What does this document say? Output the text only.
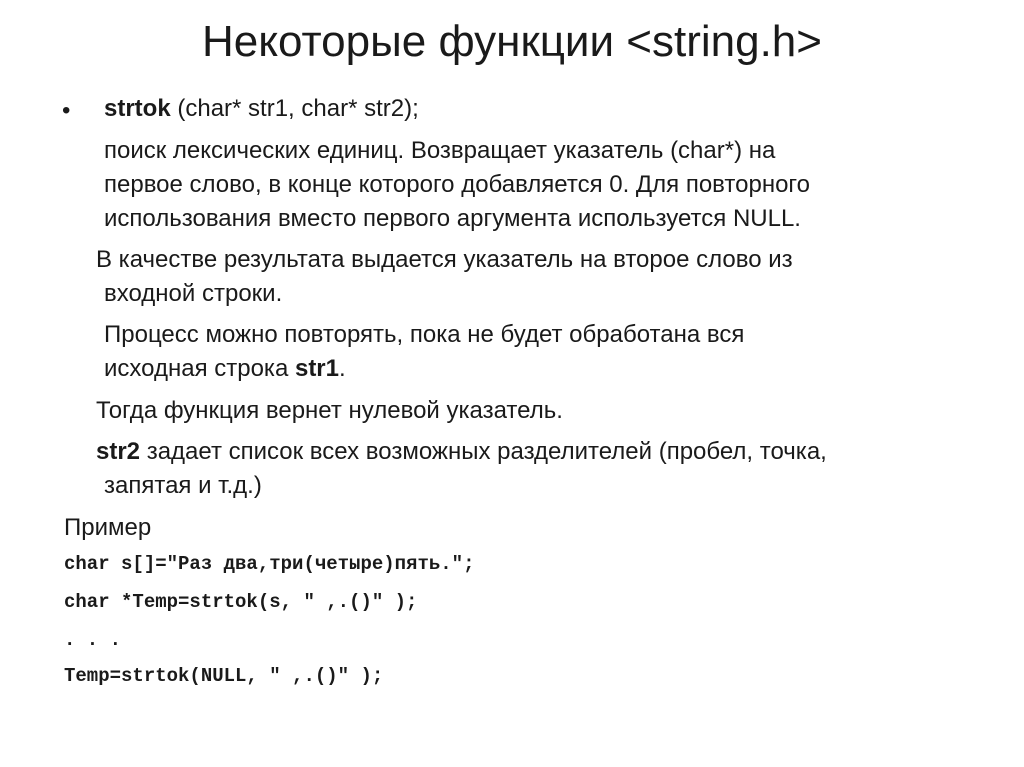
Некоторые функции <string.h>
• strtok (char* str1, char* str2);
поиск лексических единиц. Возвращает указатель (char*) на
первое слово, в конце которого добавляется 0. Для повторного
использования вместо первого аргумента используется NULL.
В качестве результата выдается указатель на второе слово из
входной строки.
Процесс можно повторять, пока не будет обработана вся
исходная строка str1.
Тогда функция вернет нулевой указатель.
str2 задает список всех возможных разделителей (пробел, точка,
запятая и т.д.)
Пример
char s[]="Раз два,три(четыре)пять.";
char *Temp=strtok(s, " ,.()" );
. . .
Temp=strtok(NULL, " ,.()" );
